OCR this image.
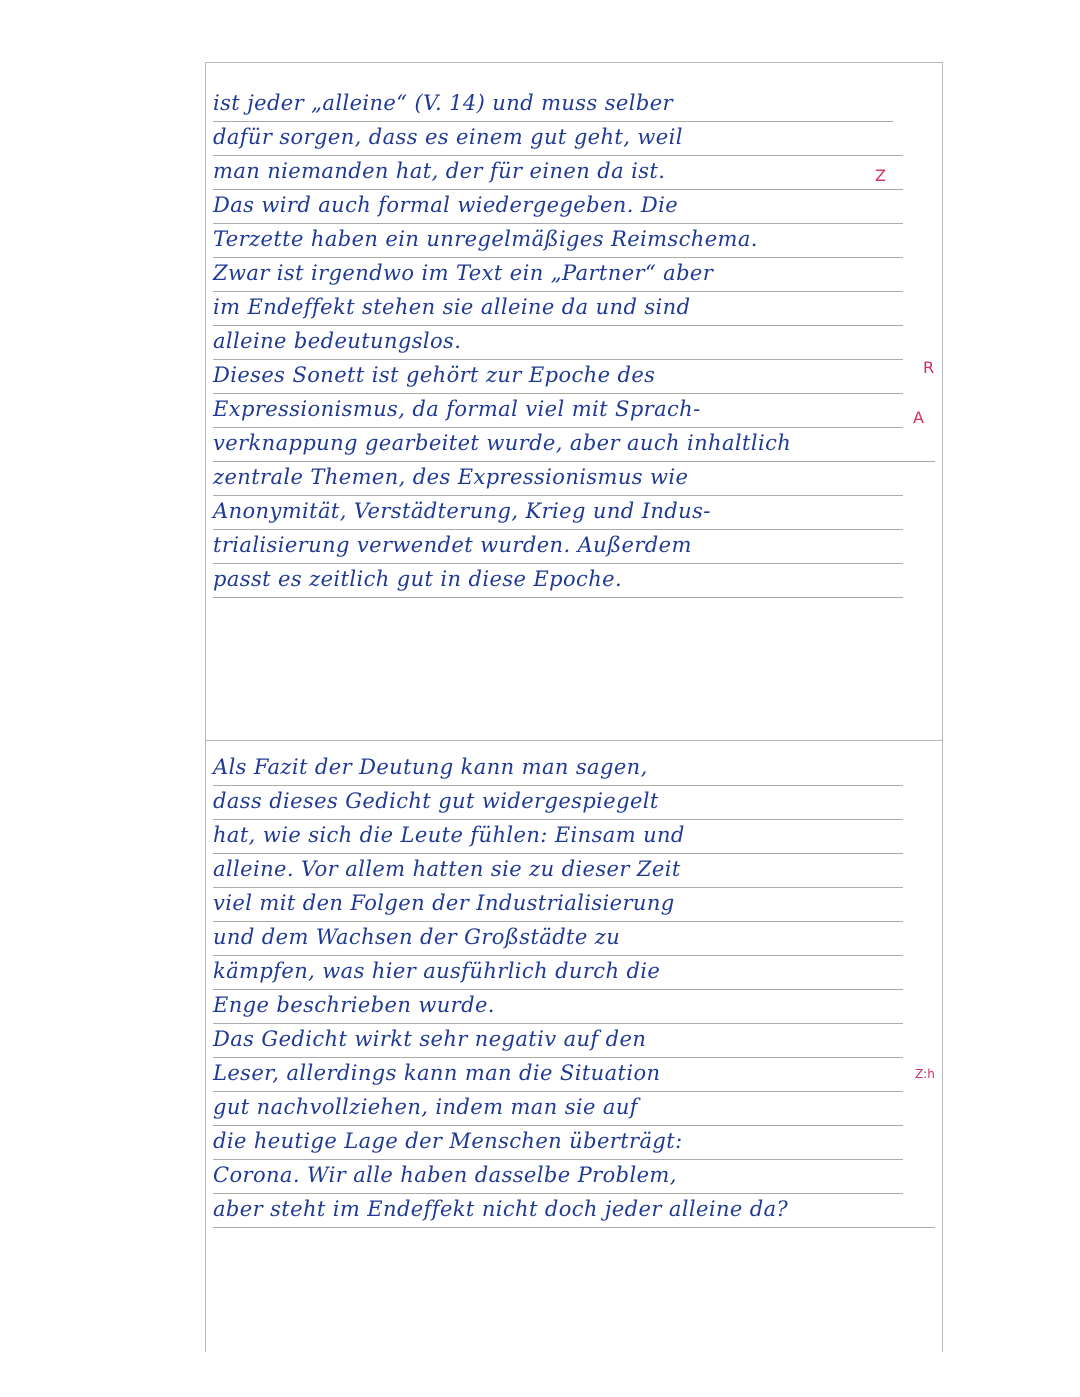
ist jeder „alleine“ (V. 14) und muss selber
dafür sorgen, dass es einem gut geht, weil
man niemanden hat, der für einen da ist.
Das wird auch formal wiedergegeben. Die
Terzette haben ein unregelmäßiges Reimschema.
Zwar ist irgendwo im Text ein „Partner“ aber
im Endeffekt stehen sie alleine da und sind
alleine bedeutungslos.
Dieses Sonett ist gehört zur Epoche des
Expressionismus, da formal viel mit Sprach-
verknappung gearbeitet wurde, aber auch inhaltlich
zentrale Themen, des Expressionismus wie
Anonymität, Verstädterung, Krieg und Indus-
trialisierung verwendet wurden. Außerdem
passt es zeitlich gut in diese Epoche.
Als Fazit der Deutung kann man sagen,
dass dieses Gedicht gut widergespiegelt
hat, wie sich die Leute fühlen: Einsam und
alleine. Vor allem hatten sie zu dieser Zeit
viel mit den Folgen der Industrialisierung
und dem Wachsen der Großstädte zu
kämpfen, was hier ausführlich durch die
Enge beschrieben wurde.
Das Gedicht wirkt sehr negativ auf den
Leser, allerdings kann man die Situation
gut nachvollziehen, indem man sie auf
die heutige Lage der Menschen überträgt:
Corona. Wir alle haben dasselbe Problem,
aber steht im Endeffekt nicht doch jeder alleine da?
Z
R
A
Z:h
